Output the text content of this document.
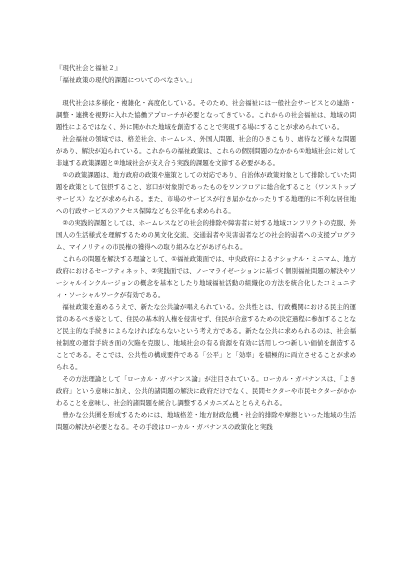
『現代社会と福祉２』

「福祉政策の現代的課題についてのべなさい。」

現代社会は多様化・複雑化・高度化している。そのため、社会福祉には一般社会サービスとの連絡・調整・連携を視野に入れた協働アプローチが必要となってきている。これからの社会福祉は、地域の問題性によるではなく、外に開かれた地域を創造することで実現する場にすることが求められている。

社会福祉の領域では、格差社会、ホームレス、外国人問題、社会的ひきこもり、虐待など様々な問題があり、解決が迫られている。これからの福祉政策は、これらの個別問題のなかから①地域社会に対して非連する政策課題と②地域社会が支え合う実践的課題を文節する必要がある。

①の政策課題は、地方政府の政策や施策としての対応であり、自治体が政策対象として排除していた問題を政策として包摂すること、窓口が対象別であったものをワンフロアに総合化すること（ワンストップサービス）などが求められる。また、市場のサービスが行き届かなかったりする地理的に不利な居住地への行政サービスのアクセス保障なども公平化も求められる。

②の実践的課題としては、ホームレスなどの社会的排除や障害者に対する地域コンフリクトの克服、外国人の生活様式を理解するための異文化交流、交通弱者や災害弱者などの社会的弱者への支援プログラム、マイノリティの市民権の獲得への取り組みなどがあげられる。

これらの問題を解決する理論として、①福祉政策面では、中央政府によるナショナル・ミニマム、地方政府におけるセーフティネット、②実践面では、ノーマライゼーションに基づく個別福祉問題の解決やソーシャルインクルージョンの概念を基本としたり地域福祉活動の組織化の方法を統合化したコミュニティ・ソーシャルワークが有効である。

福祉政策を進めるうえで、新たな公共論が唱えられている。公共性とは、行政機関における民主的運営のあるべき姿として、住民の基本的人権を侵害せず、住民が合意するための決定過程に参加することなど民主的な手続きによらなければならないという考え方である。新たな公共に求められるのは、社会福祉制度の運営手続き面の欠陥を克服し、地域社会の有る資源を有効に活用しつつ新しい価値を創造することである。そこでは、公共性の構成要件である「公平」と「効率」を積極的に両立させることが求められる。

その方法理論として「ローカル・ガバナンス論」が注目されている。ローカル・ガバナンスは、「よき政府」という意味に加え、公共的諸問題の解決に政府だけでなく、民間セクターや市民セクターがかかわることを意味し、社会的諸問題を統合し調整するメカニズムととらえられる。

豊かな公共圏を形成するためには、地域格差・地方財政危機・社会的排除や摩擦といった地域の生活問題の解決が必要となる。その手段はローカル・ガバナンスの政策化と実践
